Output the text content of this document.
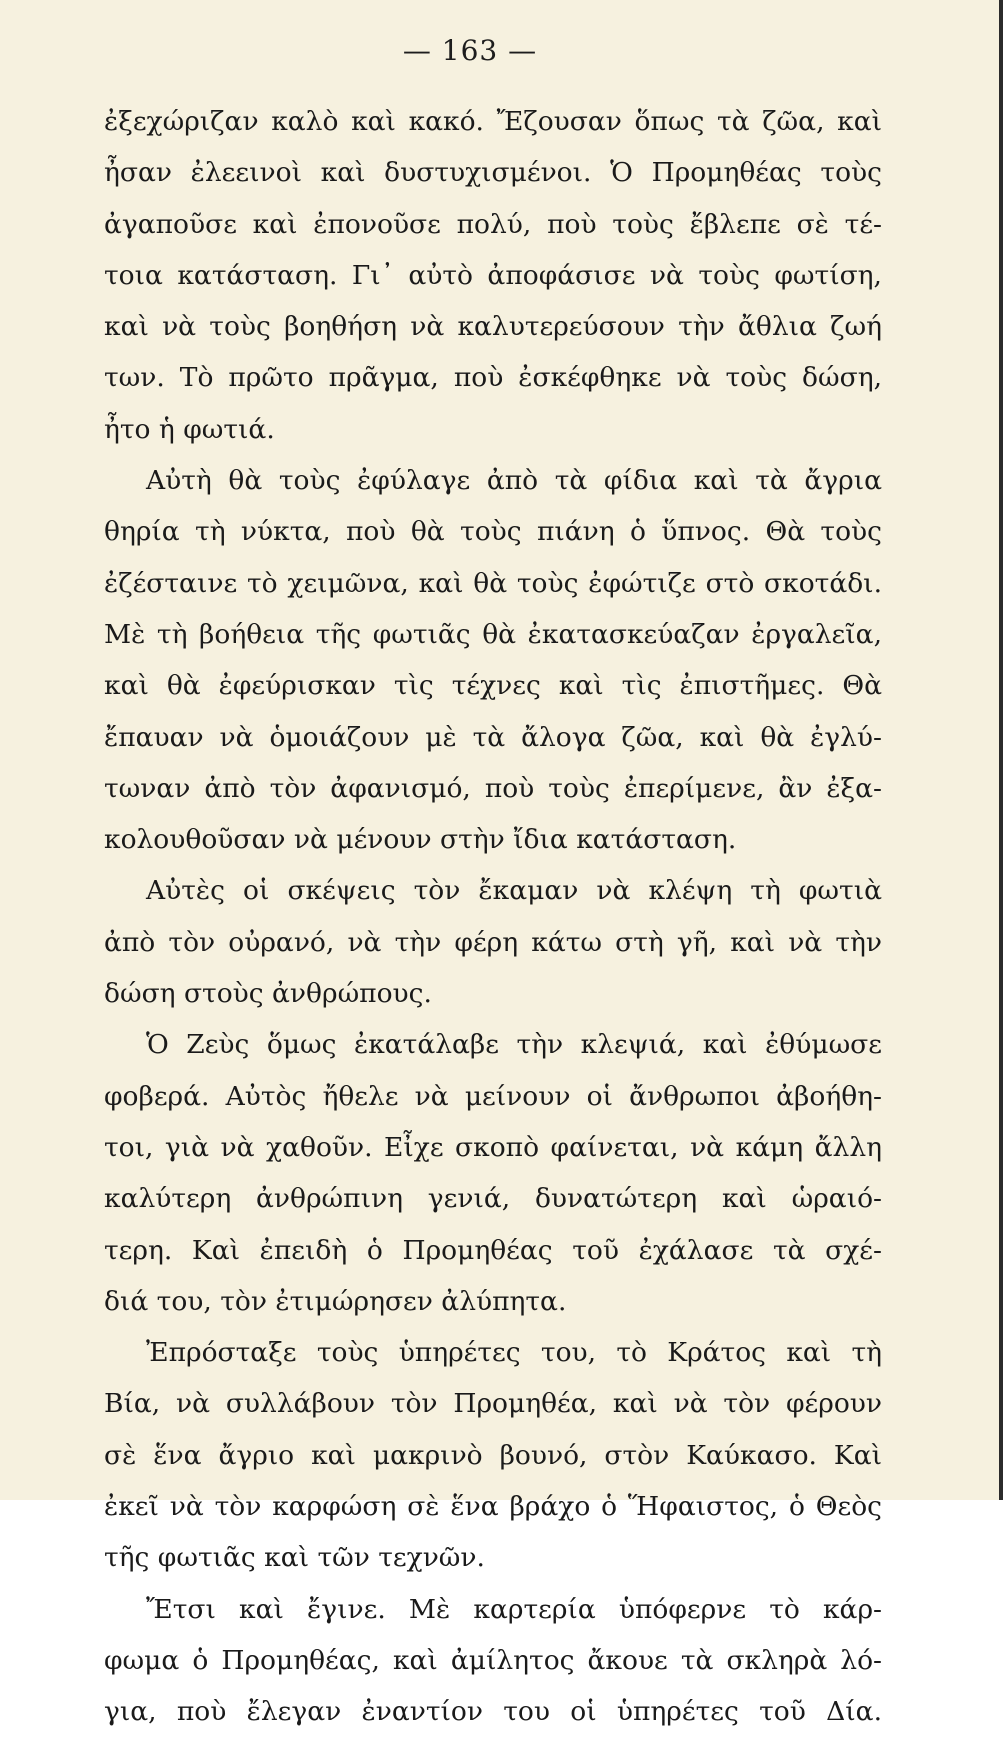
— 163 —
ἐξεχώριζαν καλὸ καὶ κακό. Ἔζουσαν ὅπως τὰ ζῶα, καὶ
ἦσαν ἐλεεινοὶ καὶ δυστυχισμένοι. Ὁ Προμηθέας τοὺς
ἀγαποῦσε καὶ ἐπονοῦσε πολύ, ποὺ τοὺς ἔβλεπε σὲ τέ-
τοια κατάσταση. Γι᾿ αὐτὸ ἀποφάσισε νὰ τοὺς φωτίση,
καὶ νὰ τοὺς βοηθήση νὰ καλυτερεύσουν τὴν ἄθλια ζωή
των. Τὸ πρῶτο πρᾶγμα, ποὺ ἐσκέφθηκε νὰ τοὺς δώση,
ἦτο ἡ φωτιά.
Αὐτὴ θὰ τοὺς ἐφύλαγε ἀπὸ τὰ φίδια καὶ τὰ ἄγρια
θηρία τὴ νύκτα, ποὺ θὰ τοὺς πιάνη ὁ ὕπνος. Θὰ τοὺς
ἐζέσταινε τὸ χειμῶνα, καὶ θὰ τοὺς ἐφώτιζε στὸ σκοτάδι.
Μὲ τὴ βοήθεια τῆς φωτιᾶς θὰ ἐκατασκεύαζαν ἐργαλεῖα,
καὶ θὰ ἐφεύρισκαν τὶς τέχνες καὶ τὶς ἐπιστῆμες. Θὰ
ἔπαυαν νὰ ὁμοιάζουν μὲ τὰ ἄλογα ζῶα, καὶ θὰ ἐγλύ-
τωναν ἀπὸ τὸν ἀφανισμό, ποὺ τοὺς ἐπερίμενε, ἂν ἐξα-
κολουθοῦσαν νὰ μένουν στὴν ἴδια κατάσταση.
Αὐτὲς οἱ σκέψεις τὸν ἔκαμαν νὰ κλέψη τὴ φωτιὰ
ἀπὸ τὸν οὐρανό, νὰ τὴν φέρη κάτω στὴ γῆ, καὶ νὰ τὴν
δώση στοὺς ἀνθρώπους.
Ὁ Ζεὺς ὅμως ἐκατάλαβε τὴν κλεψιά, καὶ ἐθύμωσε
φοβερά. Αὐτὸς ἤθελε νὰ μείνουν οἱ ἄνθρωποι ἀβοήθη-
τοι, γιὰ νὰ χαθοῦν. Εἶχε σκοπὸ φαίνεται, νὰ κάμη ἄλλη
καλύτερη ἀνθρώπινη γενιά, δυνατώτερη καὶ ὡραιό-
τερη. Καὶ ἐπειδὴ ὁ Προμηθέας τοῦ ἐχάλασε τὰ σχέ-
διά του, τὸν ἐτιμώρησεν ἀλύπητα.
Ἐπρόσταξε τοὺς ὑπηρέτες του, τὸ Κράτος καὶ τὴ
Βία, νὰ συλλάβουν τὸν Προμηθέα, καὶ νὰ τὸν φέρουν
σὲ ἕνα ἄγριο καὶ μακρινὸ βουνό, στὸν Καύκασο. Καὶ
ἐκεῖ νὰ τὸν καρφώση σὲ ἕνα βράχο ὁ Ἥφαιστος, ὁ Θεὸς
τῆς φωτιᾶς καὶ τῶν τεχνῶν.
Ἔτσι καὶ ἔγινε. Μὲ καρτερία ὑπόφερνε τὸ κάρ-
φωμα ὁ Προμηθέας, καὶ ἀμίλητος ἄκουε τὰ σκληρὰ λό-
για, ποὺ ἔλεγαν ἐναντίον του οἱ ὑπηρέτες τοῦ Δία.
